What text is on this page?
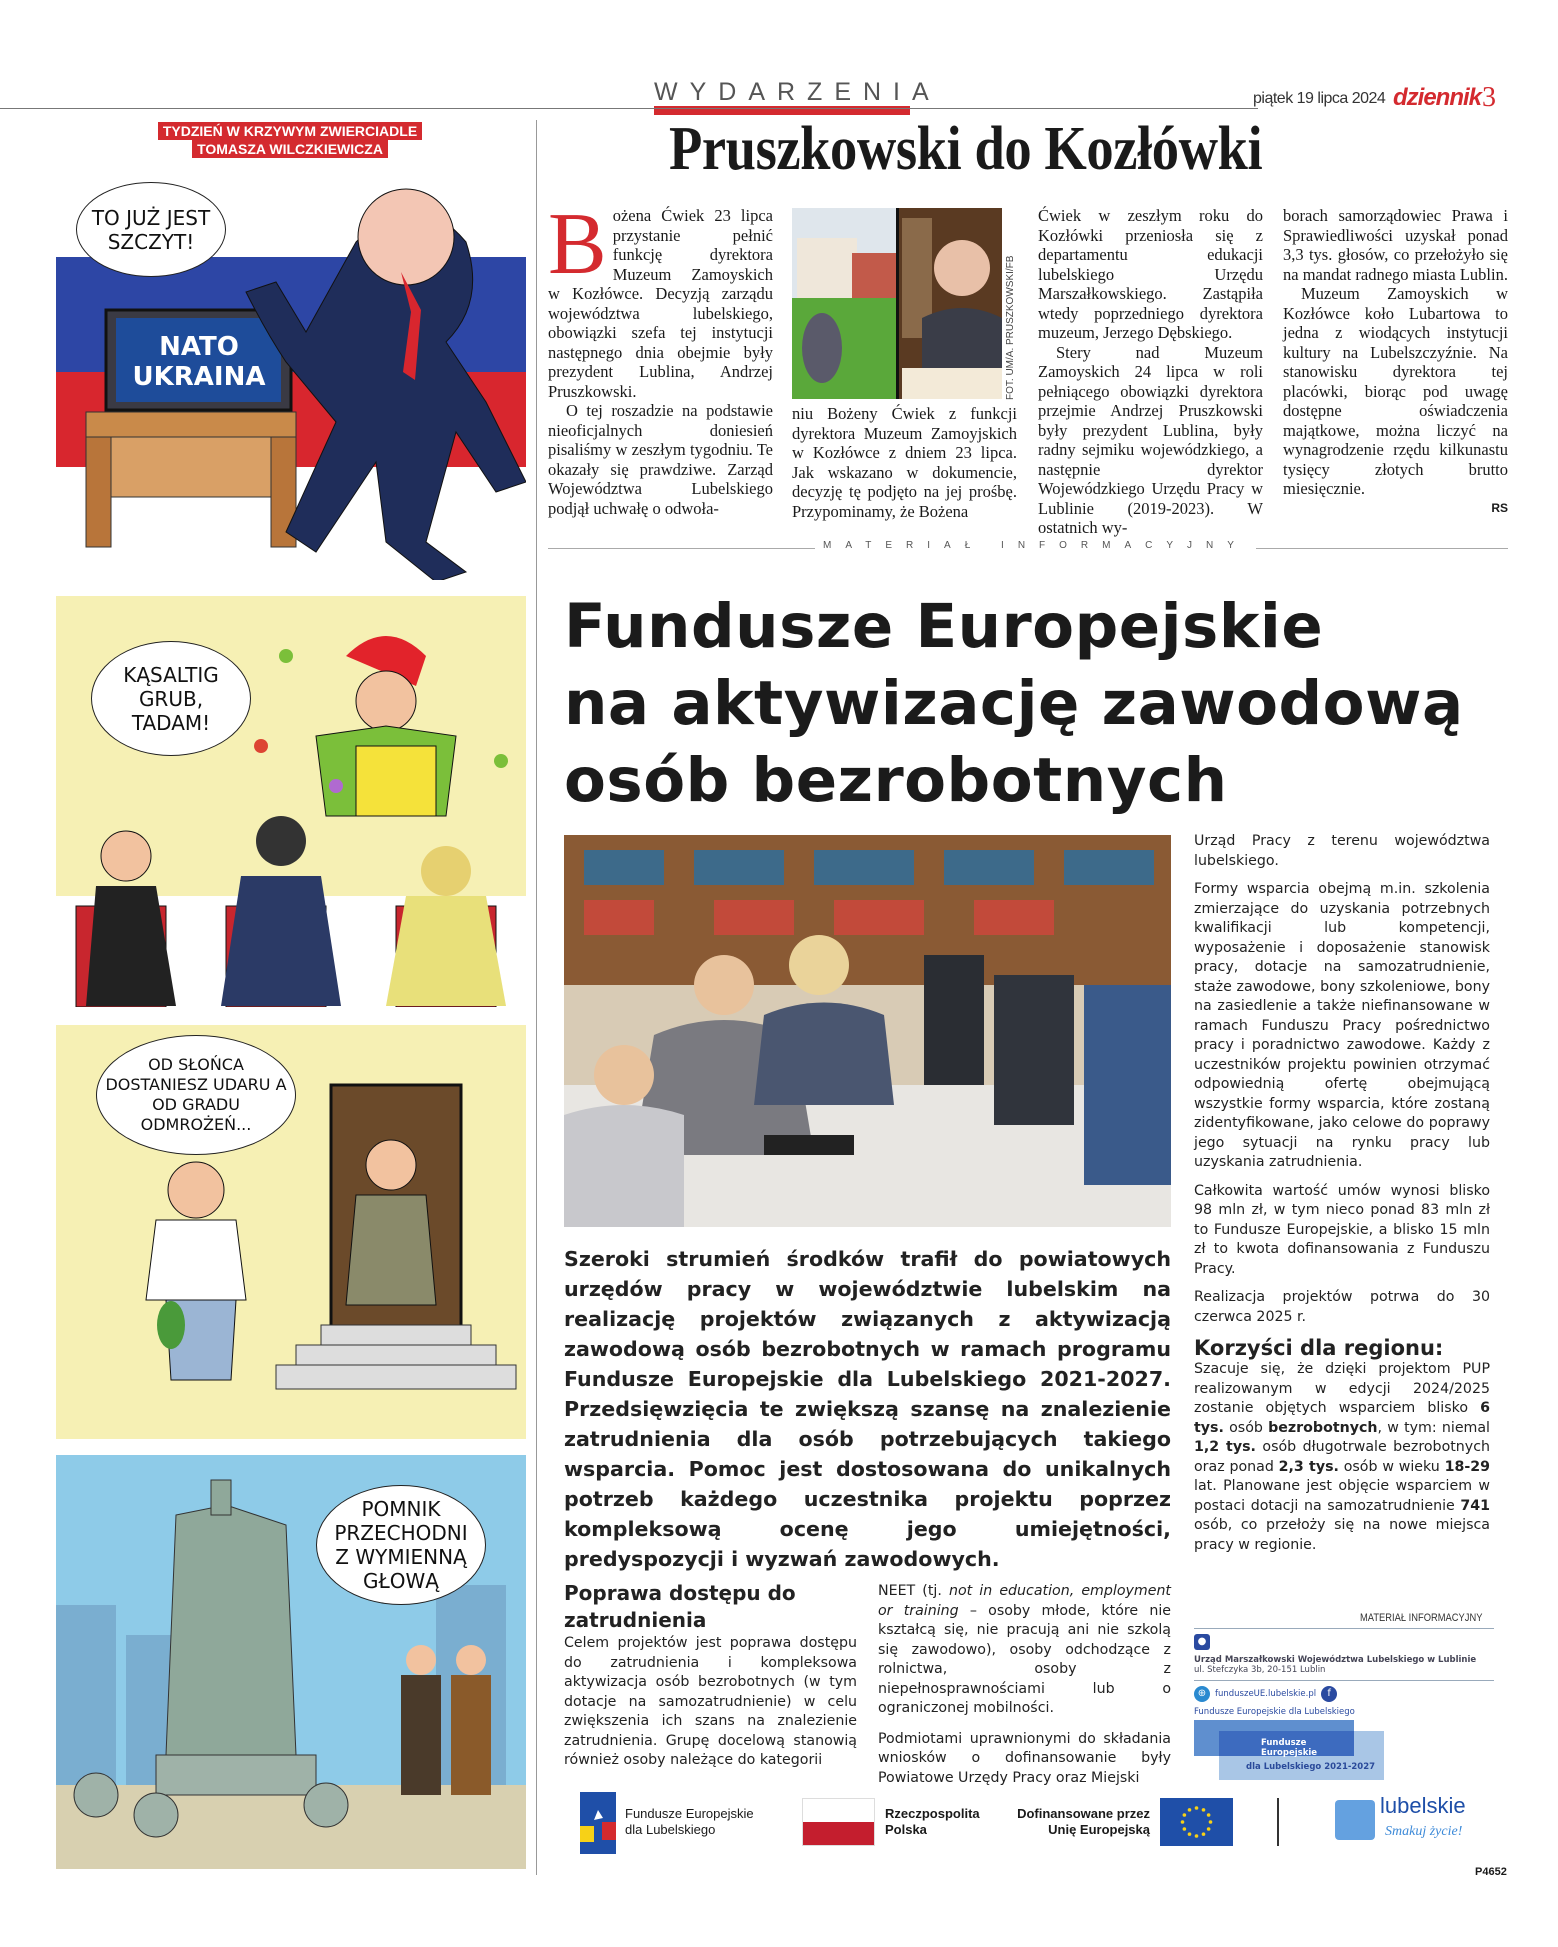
WYDARZENIA	piątek 19 lipca 2024 dziennik 3
TYDZIEŃ W KRZYWYM ZWIERCIADLE
TOMASZA WILCZKIEWICZA
TO JUŻ JEST SZCZYT!
NATO
UKRAINA
KĄSALTIG GRUB, TADAM!
OD SŁOŃCA DOSTANIESZ UDARU A OD GRADU ODMROŻEŃ...
POMNIK PRZECHODNI Z WYMIENNĄ GŁOWĄ
Pruszkowski do Kozłówki

Bożena Ćwiek 23 lipca przystanie pełnić funkcję dyrektora Muzeum Zamoyskich w Kozłówce. Decyzją zarządu województwa lubelskiego, obowiązki szefa tej instytucji następnego dnia obejmie były prezydent Lublina, Andrzej Pruszkowski.

O tej roszadzie na podstawie nieoficjalnych doniesień pisaliśmy w zeszłym tygodniu. Te okazały się prawdziwe. Zarząd Województwa Lubelskiego podjął uchwałę o odwoła-

FOT. UM/A. PRUSZKOWSKI/FB

niu Bożeny Ćwiek z funkcji dyrektora Muzeum Zamoyjskich w Kozłówce z dniem 23 lipca. Jak wskazano w dokumencie, decyzję tę podjęto na jej prośbę. Przypominamy, że Bożena

Ćwiek w zeszłym roku do Kozłówki przeniosła się z departamentu edukacji lubelskiego Urzędu Marszałkowskiego. Zastąpiła wtedy poprzedniego dyrektora muzeum, Jerzego Dębskiego.

Stery nad Muzeum Zamoyskich 24 lipca w roli pełniącego obowiązki dyrektora przejmie Andrzej Pruszkowski były prezydent Lublina, były radny sejmiku wojewódzkiego, a następnie dyrektor Wojewódzkiego Urzędu Pracy w Lublinie (2019-2023). W ostatnich wy-

borach samorządowiec Prawa i Sprawiedliwości uzyskał ponad 3,3 tys. głosów, co przełożyło się na mandat radnego miasta Lublin.

Muzeum Zamoyskich w Kozłówce koło Lubartowa to jedna z wiodących instytucji kultury na Lubelszczyźnie. Na stanowisku dyrektora tej placówki, biorąc pod uwagę dostępne oświadczenia majątkowe, można liczyć na wynagrodzenie rzędu kilkunastu tysięcy złotych brutto miesięcznie.

RS
MATERIAŁ INFORMACYJNY
Fundusze Europejskie
na aktywizację zawodową
osób bezrobotnych
Szeroki strumień środków trafił do powiatowych urzędów pracy w województwie lubelskim na realizację projektów związanych z aktywizacją zawodową osób bezrobotnych w ramach programu Fundusze Europejskie dla Lubelskiego 2021-2027. Przedsięwzięcia te zwiększą szansę na znalezienie zatrudnienia dla osób potrzebujących takiego wsparcia. Pomoc jest dostosowana do unikalnych potrzeb każdego uczestnika projektu poprzez kompleksową ocenę jego umiejętności, predyspozycji i wyzwań zawodowych.
Poprawa dostępu do zatrudnienia

Celem projektów jest poprawa dostępu do zatrudnienia i kompleksowa aktywizacja osób bezrobotnych (w tym dotacje na samozatrudnienie) w celu zwiększenia ich szans na znalezienie zatrudnienia. Grupę docelową stanowią również osoby należące do kategorii

NEET (tj. not in education, employment or training – osoby młode, które nie kształcą się, nie pracują ani nie szkolą się zawodowo), osoby odchodzące z rolnictwa, osoby z niepełnosprawnościami lub o ograniczonej mobilności.

Podmiotami uprawnionymi do składania wniosków o dofinansowanie były Powiatowe Urzędy Pracy oraz Miejski

Urząd Pracy z terenu województwa lubelskiego.

Formy wsparcia obejmą m.in. szkolenia zmierzające do uzyskania potrzebnych kwalifikacji lub kompetencji, wyposażenie i doposażenie stanowisk pracy, dotacje na samozatrudnienie, staże zawodowe, bony szkoleniowe, bony na zasiedlenie a także niefinansowane w ramach Funduszu Pracy pośrednictwo pracy i poradnictwo zawodowe. Każdy z uczestników projektu powinien otrzymać odpowiednią ofertę obejmującą wszystkie formy wsparcia, które zostaną zidentyfikowane, jako celowe do poprawy jego sytuacji na rynku pracy lub uzyskania zatrudnienia.

Całkowita wartość umów wynosi blisko 98 mln zł, w tym nieco ponad 83 mln zł to Fundusze Europejskie, a blisko 15 mln zł to kwota dofinansowania z Funduszu Pracy.

Realizacja projektów potrwa do 30 czerwca 2025 r.

Korzyści dla regionu:

Szacuje się, że dzięki projektom PUP realizowanym w edycji 2024/2025 zostanie objętych wsparciem blisko 6 tys. osób bezrobotnych, w tym: niemal 1,2 tys. osób długotrwale bezrobotnych oraz ponad 2,3 tys. osób w wieku 18-29 lat. Planowane jest objęcie wsparciem w postaci dotacji na samozatrudnienie 741 osób, co przełoży się na nowe miejsca pracy w regionie.

MATERIAŁ INFORMACYJNY
●
Urząd Marszałkowski Województwa Lubelskiego w Lublinie
ul. Stefczyka 3b, 20-151 Lublin
⊕	funduszeUE.lubelskie.pl	f
Fundusze Europejskie dla Lubelskiego
Fundusze Europejskie
dla Lubelskiego 2021-2027
Fundusze Europejskie
dla Lubelskiego
Rzeczpospolita
Polska
Dofinansowane przez
Unię Europejską
lubelskie
Smakuj życie!
P4652
